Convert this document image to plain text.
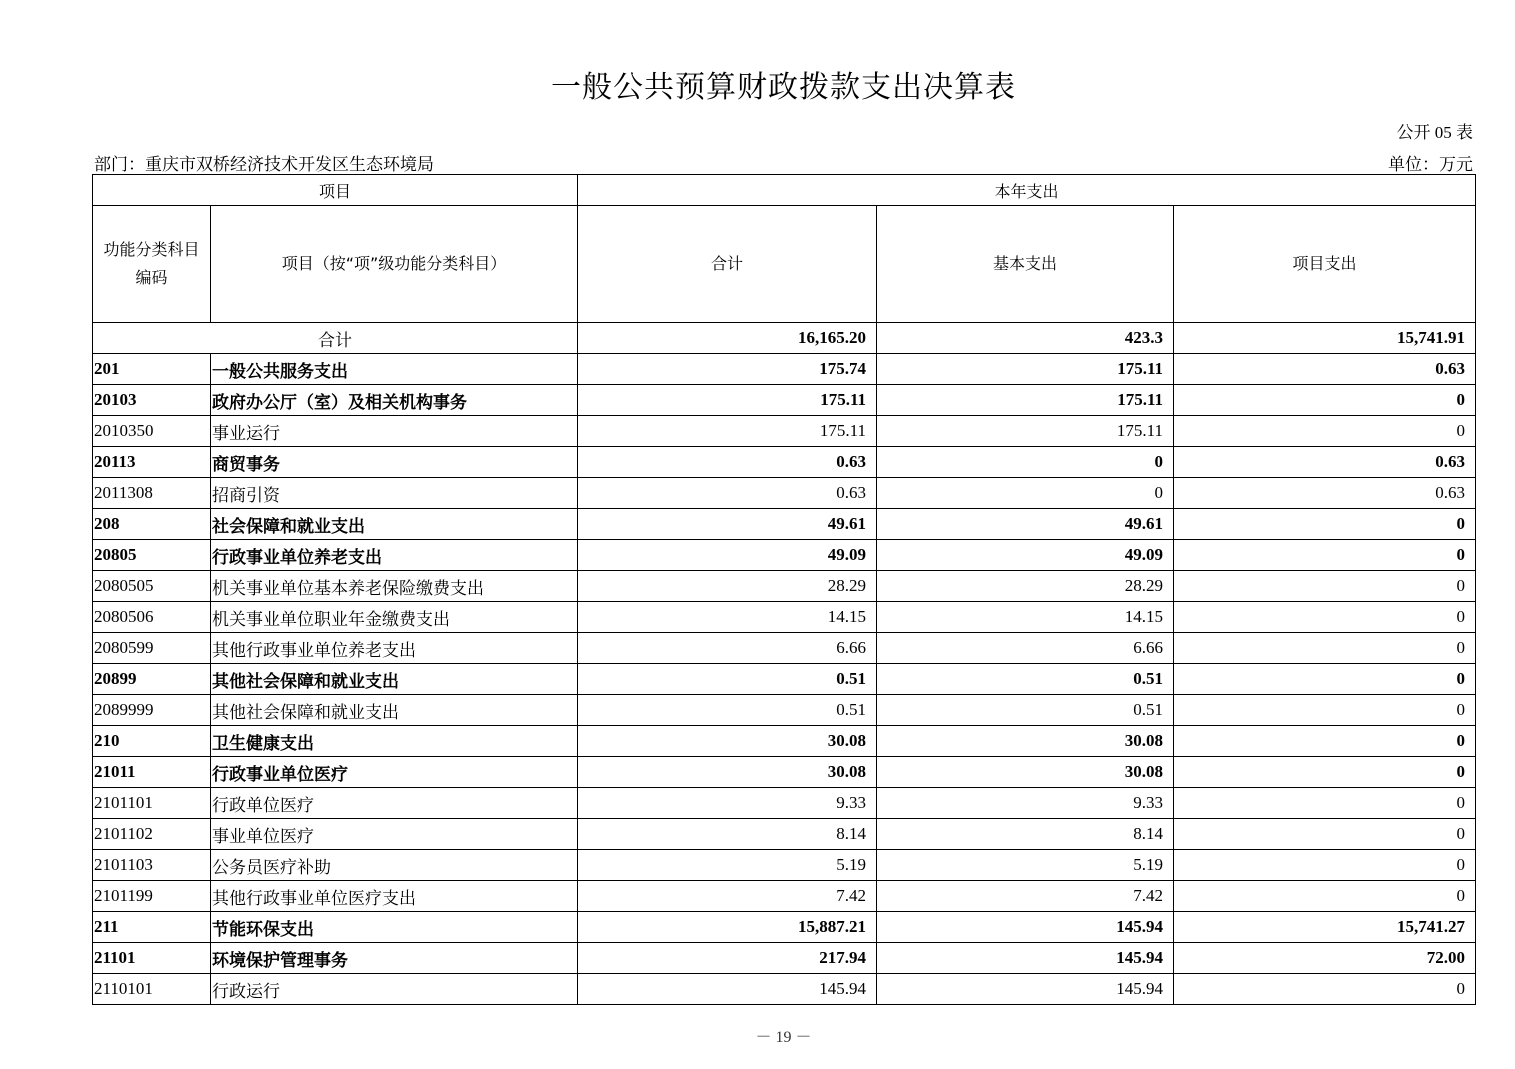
一般公共预算财政拨款支出决算表
公开 05 表
部门：重庆市双桥经济技术开发区生态环境局	单位：万元
项目		本年支出		
功能分类科目编码	项目（按“项”级功能分类科目）	合计	基本支出	项目支出
合计		16,165.20	423.3	15,741.91
201	一般公共服务支出	175.74	175.11	0.63
20103	政府办公厅（室）及相关机构事务	175.11	175.11	0
2010350	事业运行	175.11	175.11	0
20113	商贸事务	0.63	0	0.63
2011308	招商引资	0.63	0	0.63
208	社会保障和就业支出	49.61	49.61	0
20805	行政事业单位养老支出	49.09	49.09	0
2080505	机关事业单位基本养老保险缴费支出	28.29	28.29	0
2080506	机关事业单位职业年金缴费支出	14.15	14.15	0
2080599	其他行政事业单位养老支出	6.66	6.66	0
20899	其他社会保障和就业支出	0.51	0.51	0
2089999	其他社会保障和就业支出	0.51	0.51	0
210	卫生健康支出	30.08	30.08	0
21011	行政事业单位医疗	30.08	30.08	0
2101101	行政单位医疗	9.33	9.33	0
2101102	事业单位医疗	8.14	8.14	0
2101103	公务员医疗补助	5.19	5.19	0
2101199	其他行政事业单位医疗支出	7.42	7.42	0
211	节能环保支出	15,887.21	145.94	15,741.27
21101	环境保护管理事务	217.94	145.94	72.00
2110101	行政运行	145.94	145.94	0
－ 19 －
